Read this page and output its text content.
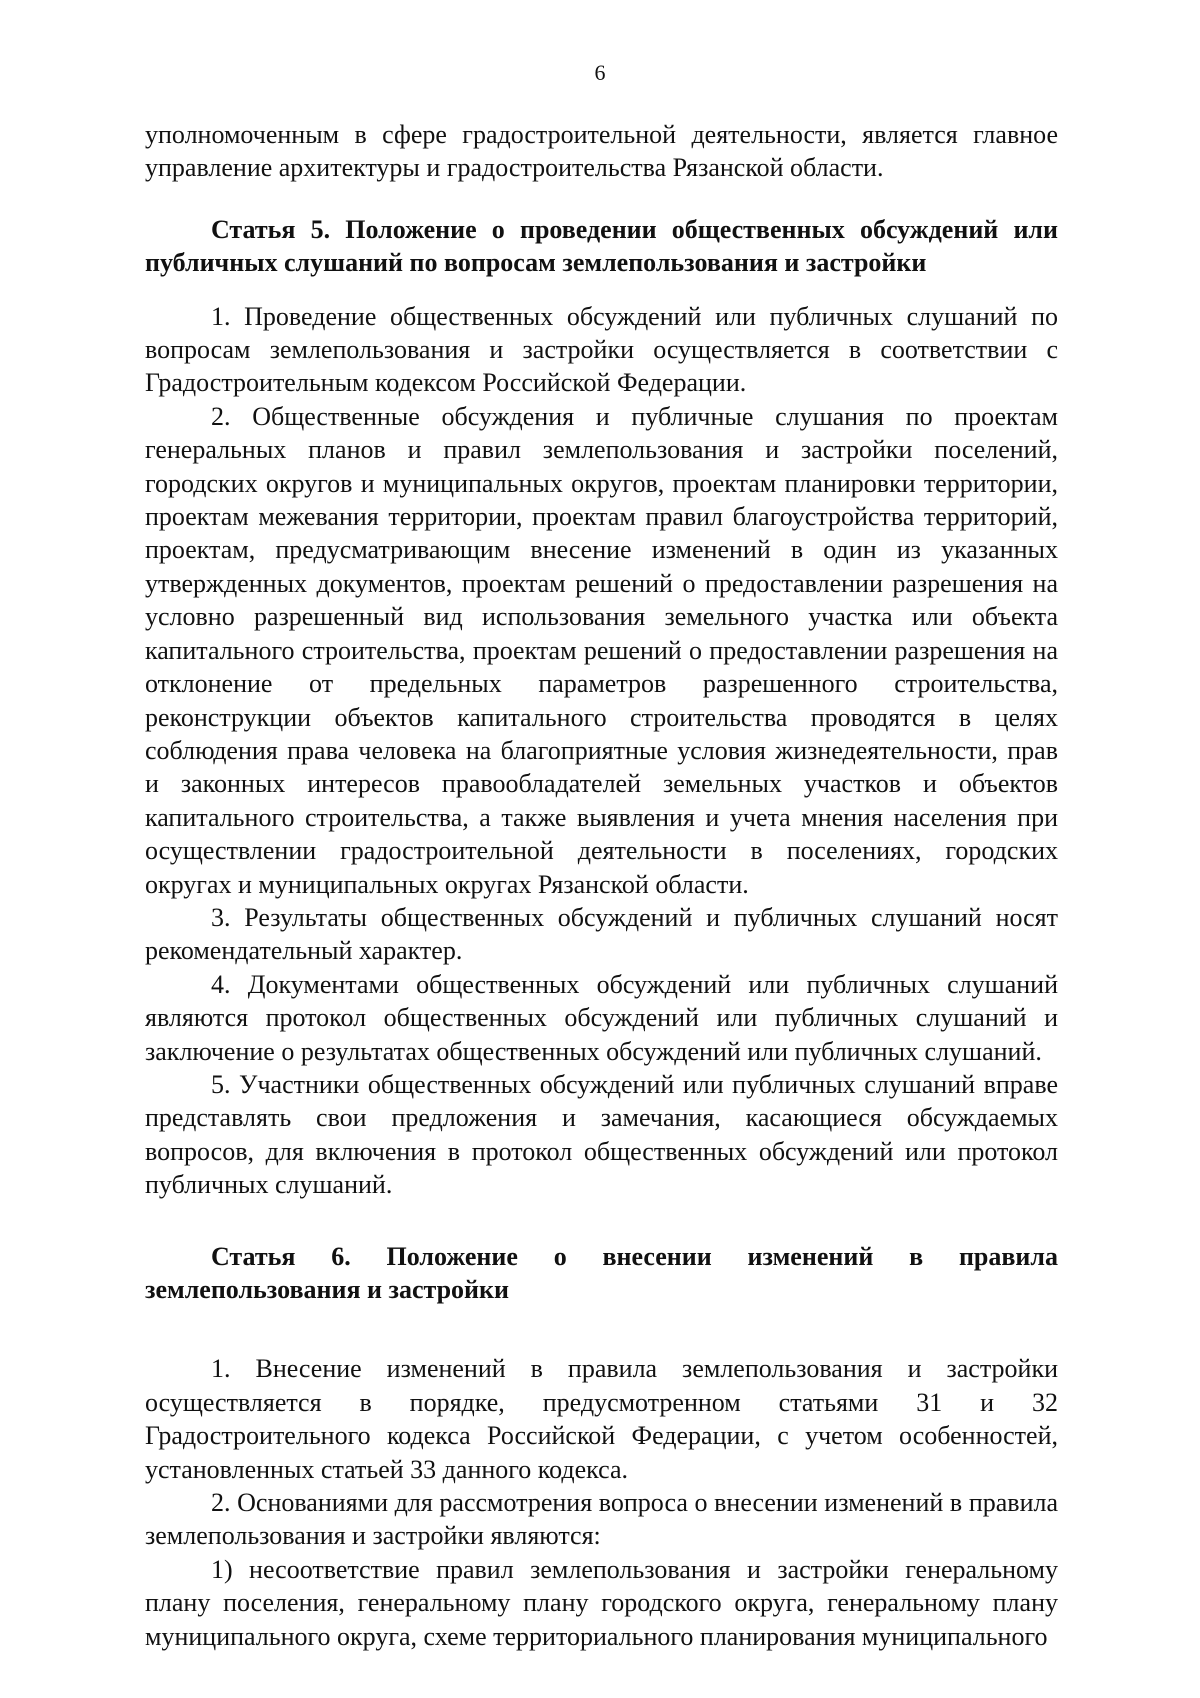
6

уполномоченным в сфере градостроительной деятельности, является главное управление архитектуры и градостроительства Рязанской области.

Статья 5. Положение о проведении общественных обсуждений или публичных слушаний по вопросам землепользования и застройки

1. Проведение общественных обсуждений или публичных слушаний по вопросам землепользования и застройки осуществляется в соответствии с Градостроительным кодексом Российской Федерации.

2. Общественные обсуждения и публичные слушания по проектам генеральных планов и правил землепользования и застройки поселений, городских округов и муниципальных округов, проектам планировки территории, проектам межевания территории, проектам правил благоустройства территорий, проектам, предусматривающим внесение изменений в один из указанных утвержденных документов, проектам решений о предоставлении разрешения на условно разрешенный вид использования земельного участка или объекта капитального строительства, проектам решений о предоставлении разрешения на отклонение от предельных параметров разрешенного строительства, реконструкции объектов капитального строительства проводятся в целях соблюдения права человека на благоприятные условия жизнедеятельности, прав и законных интересов правообладателей земельных участков и объектов капитального строительства, а также выявления и учета мнения населения при осуществлении градостроительной деятельности в поселениях, городских округах и муниципальных округах Рязанской области.

3. Результаты общественных обсуждений и публичных слушаний носят рекомендательный характер.

4. Документами общественных обсуждений или публичных слушаний являются протокол общественных обсуждений или публичных слушаний и заключение о результатах общественных обсуждений или публичных слушаний.

5. Участники общественных обсуждений или публичных слушаний вправе представлять свои предложения и замечания, касающиеся обсуждаемых вопросов, для включения в протокол общественных обсуждений или протокол публичных слушаний.

Статья 6. Положение о внесении изменений в правила землепользования и застройки

1. Внесение изменений в правила землепользования и застройки осуществляется в порядке, предусмотренном статьями 31 и 32 Градостроительного кодекса Российской Федерации, с учетом особенностей, установленных статьей 33 данного кодекса.

2. Основаниями для рассмотрения вопроса о внесении изменений в правила землепользования и застройки являются:

1) несоответствие правил землепользования и застройки генеральному плану поселения, генеральному плану городского округа, генеральному плану муниципального округа, схеме территориального планирования муниципального
